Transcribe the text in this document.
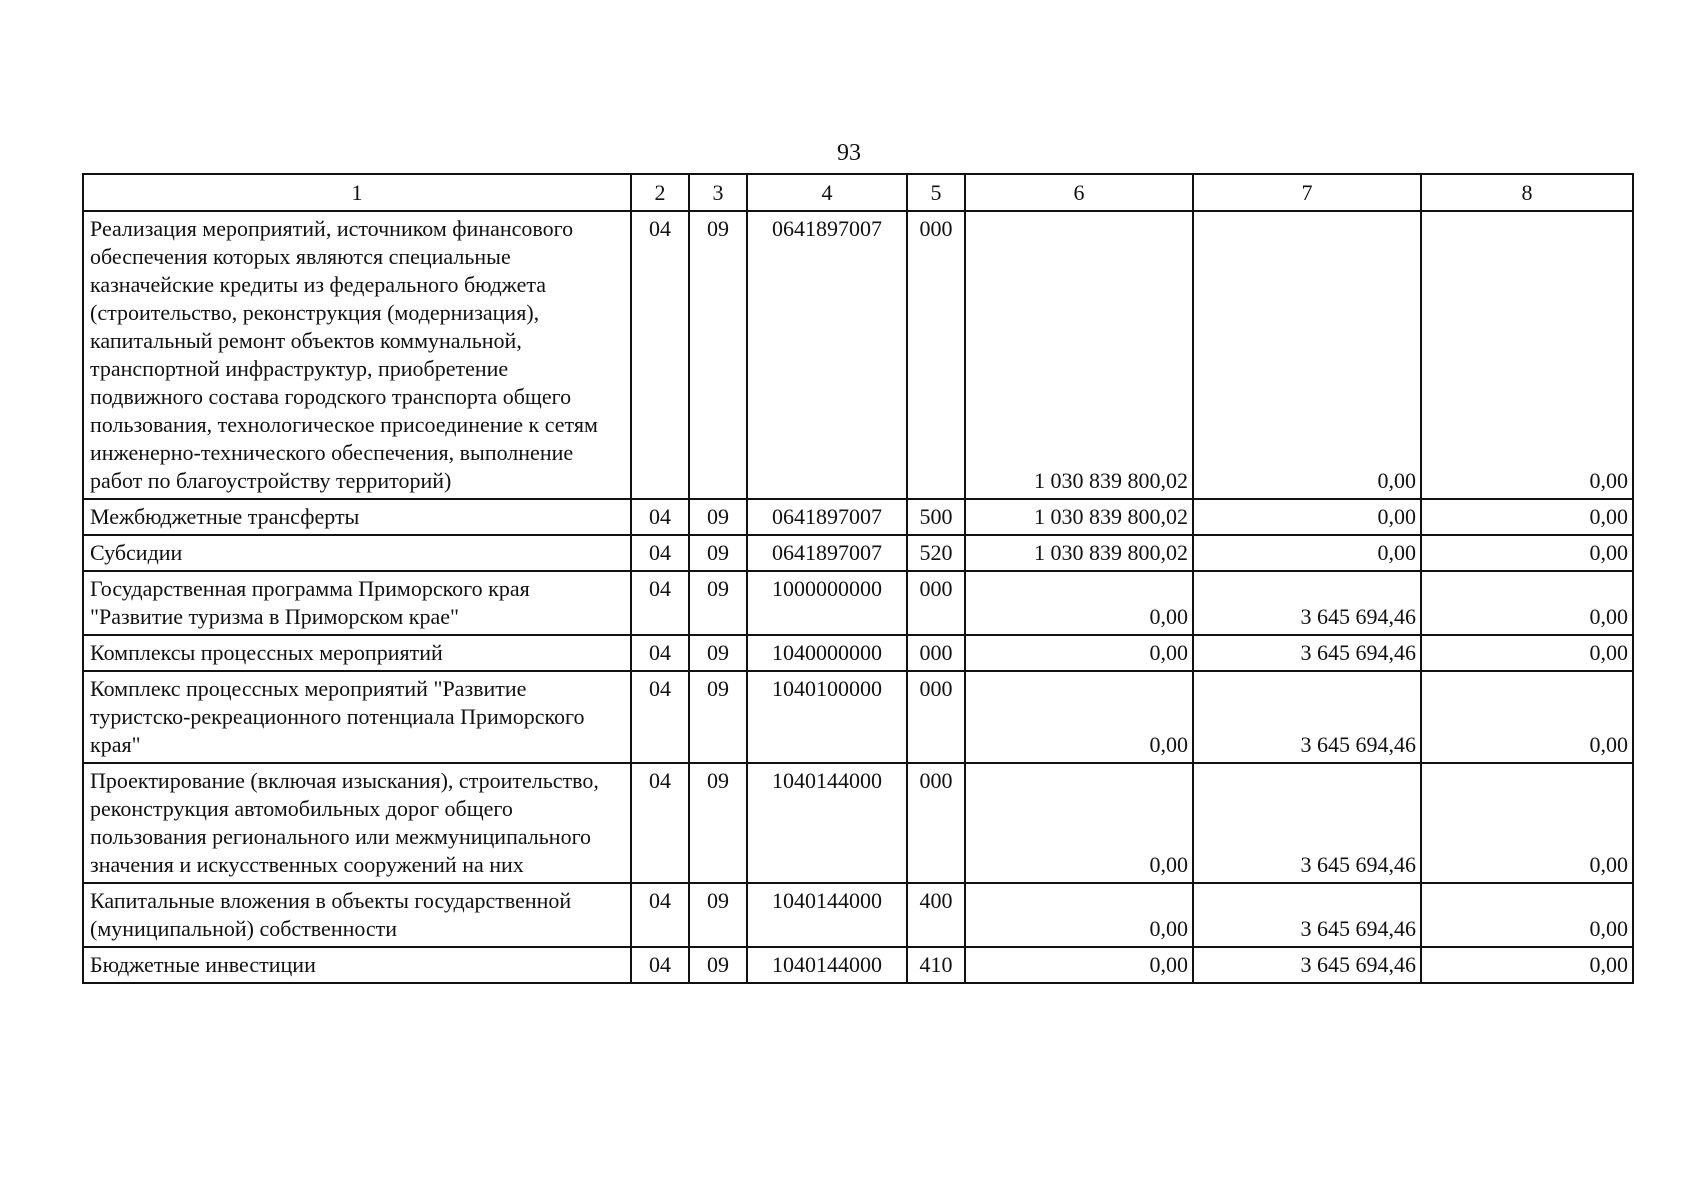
93
1	2	3	4	5	6	7	8
Реализация мероприятий, источником финансового обеспечения которых являются специальные казначейские кредиты из федерального бюджета (строительство, реконструкция (модернизация), капитальный ремонт объектов коммунальной, транспортной инфраструктур, приобретение подвижного состава городского транспорта общего пользования, технологическое присоединение к сетям инженерно-технического обеспечения, выполнение работ по благоустройству территорий)	04	09	0641897007	000	1 030 839 800,02	0,00	0,00
Межбюджетные трансферты	04	09	0641897007	500	1 030 839 800,02	0,00	0,00
Субсидии	04	09	0641897007	520	1 030 839 800,02	0,00	0,00
Государственная программа Приморского края "Развитие туризма в Приморском крае"	04	09	1000000000	000	0,00	3 645 694,46	0,00
Комплексы процессных мероприятий	04	09	1040000000	000	0,00	3 645 694,46	0,00
Комплекс процессных мероприятий "Развитие туристско-рекреационного потенциала Приморского края"	04	09	1040100000	000	0,00	3 645 694,46	0,00
Проектирование (включая изыскания), строительство, реконструкция автомобильных дорог общего пользования регионального или межмуниципального значения и искусственных сооружений на них	04	09	1040144000	000	0,00	3 645 694,46	0,00
Капитальные вложения в объекты государственной (муниципальной) собственности	04	09	1040144000	400	0,00	3 645 694,46	0,00
Бюджетные инвестиции	04	09	1040144000	410	0,00	3 645 694,46	0,00
